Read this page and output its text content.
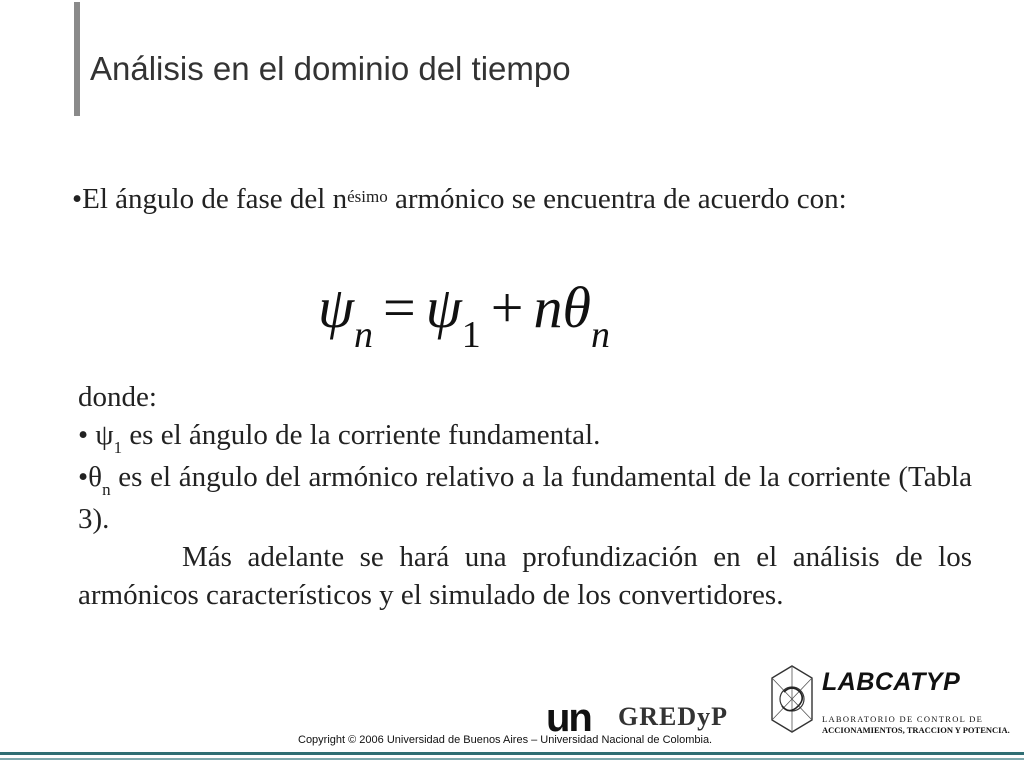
Análisis en el dominio del tiempo
•El ángulo de fase del $n^{ésimo}$ armónico se encuentra de acuerdo con:
$\psi_n = \psi_1 + n\theta_n$
donde:
• $\psi_1$ es el ángulo de la corriente fundamental.
$•\theta_n$ es el ángulo del armónico relativo a la fundamental de la corriente (Tabla 3).
Más adelante se hará una profundización en el análisis de los armónicos característicos y el simulado de los convertidores.
un GREDyP
Copyright © 2006 Universidad de Buenos Aires – Universidad Nacional de Colombia.
LABCATYP
LABORATORIO DE CONTROL DE
ACCIONAMIENTOS, TRACCION Y POTENCIA.
